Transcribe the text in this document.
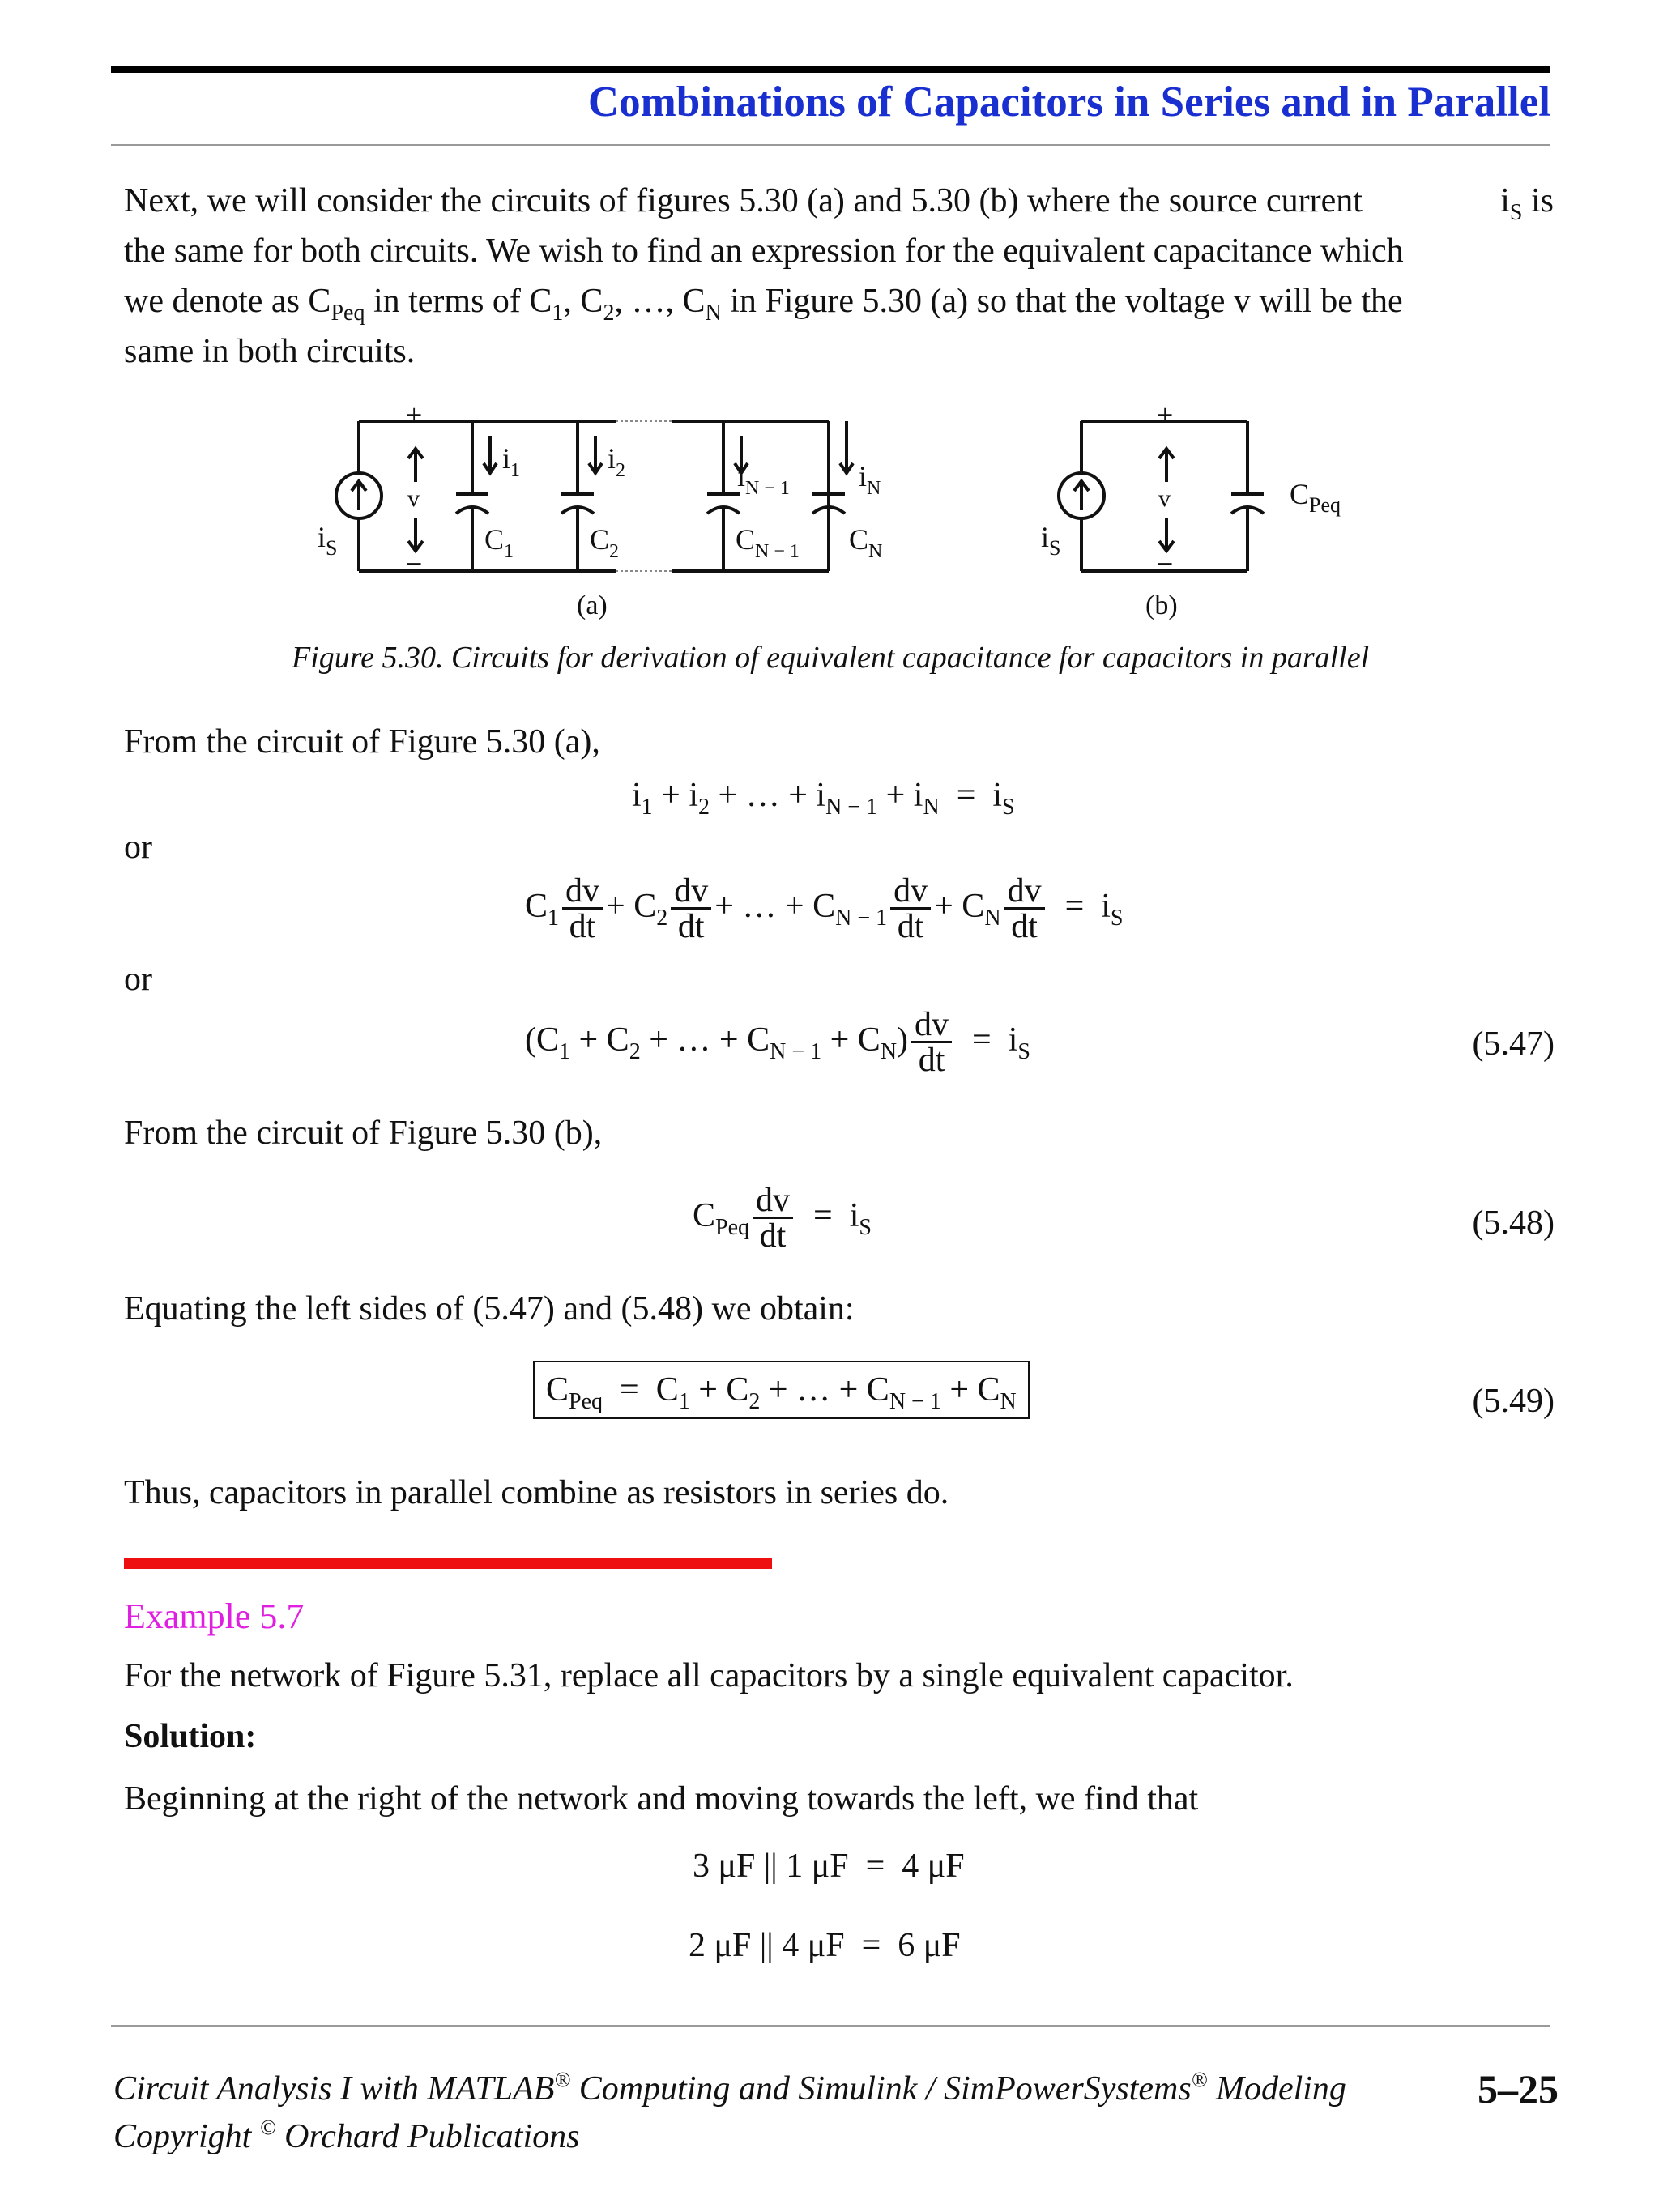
Combinations of Capacitors in Series and in Parallel
Next, we will consider the circuits of figures 5.30 (a) and 5.30 (b) where the source current	$i_S$ is
the same for both circuits. We wish to find an expression for the equivalent capacitance which
we denote as $C_{Peq}$ in terms of $C_1$, $C_2$, …, $C_N$ in Figure 5.30 (a) so that the voltage v will be the
same in both circuits.
+
v
−
$i_S$
$i_1$	$i_2$	$i_{N - 1}$ $i_N$
$C_1$	$C_2$	$C_{N - 1}$ $C_N$
(a)
+
v
−
$i_S$
$C_{Peq}$
(b)
Figure 5.30. Circuits for derivation of equivalent capacitance for capacitors in parallel
From the circuit of Figure 5.30 (a),
$i_1 + i_2$ + … + $i_{N - 1} + i_N = i_S$
or
$C_1 \frac{dv}{dt} + C_2 \frac{dv}{dt}$ + … + $C_{N - 1} \frac{dv}{dt} + C_N \frac{dv}{dt} = i_S$
or
($C_1 + C_2$ + … + $C_{N - 1} + C_N) \frac{dv}{dt} = i_S$	(5.47)
From the circuit of Figure 5.30 (b),
$C_{Peq} \frac{dv}{dt} = i_S$	(5.48)
Equating the left sides of (5.47) and (5.48) we obtain:
$C_{Peq} = C_1 + C_2$ + … + $C_{N - 1} + C_N$	(5.49)
Thus, capacitors in parallel combine as resistors in series do.
Example 5.7
For the network of Figure 5.31, replace all capacitors by a single equivalent capacitor.
Solution:
Beginning at the right of the network and moving towards the left, we find that
3 μF || 1 μF  =  4 μF
2 μF || 4 μF  =  6 μF
Circuit Analysis I with MATLAB® Computing and Simulink / SimPowerSystems® Modeling
Copyright © Orchard Publications
5–25
